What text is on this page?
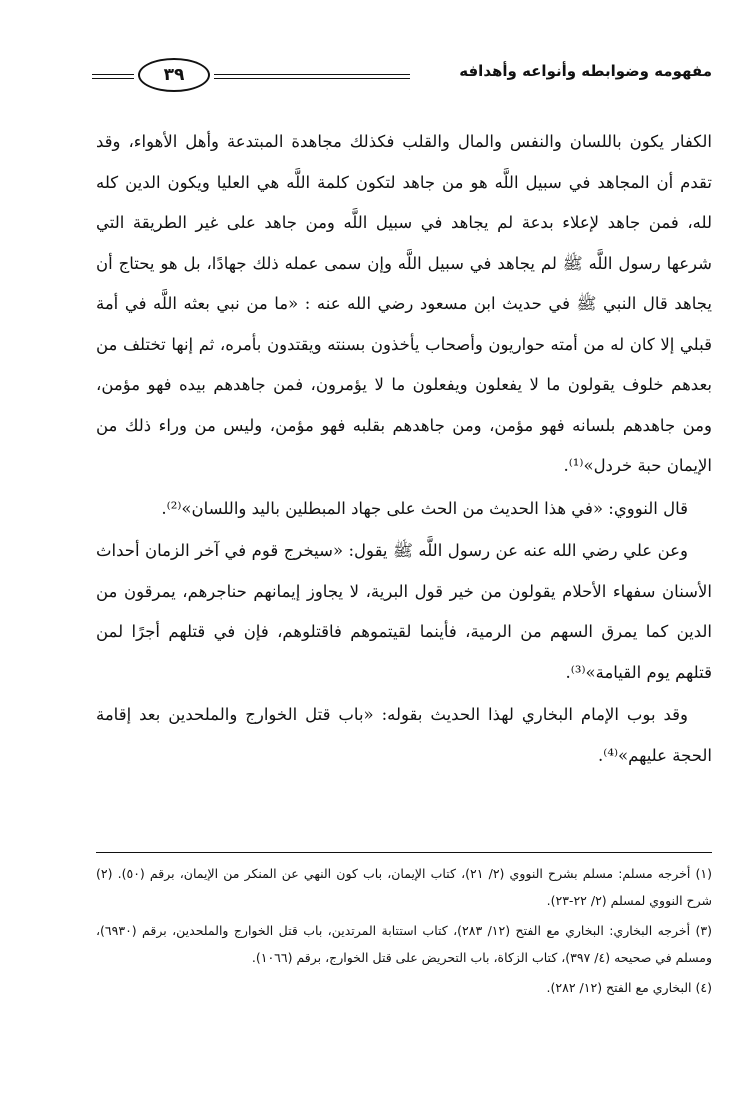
٣٩	مفهومه وضوابطه وأنواعه وأهدافه

الكفار يكون باللسان والنفس والمال والقلب فكذلك مجاهدة المبتدعة وأهل الأهواء، وقد تقدم أن المجاهد في سبيل اللَّه هو من جاهد لتكون كلمة اللَّه هي العليا ويكون الدين كله لله، فمن جاهد لإعلاء بدعة لم يجاهد في سبيل اللَّه ومن جاهد على غير الطريقة التي شرعها رسول اللَّه ﷺ لم يجاهد في سبيل اللَّه وإن سمى عمله ذلك جهادًا، بل هو يحتاج أن يجاهد قال النبي ﷺ في حديث ابن مسعود رضي الله عنه : «ما من نبي بعثه اللَّه في أمة قبلي إلا كان له من أمته حواريون وأصحاب يأخذون بسنته ويقتدون بأمره، ثم إنها تختلف من بعدهم خلوف يقولون ما لا يفعلون ويفعلون ما لا يؤمرون، فمن جاهدهم بيده فهو مؤمن، ومن جاهدهم بلسانه فهو مؤمن، ومن جاهدهم بقلبه فهو مؤمن، وليس من وراء ذلك من الإيمان حبة خردل»⁽¹⁾.

قال النووي: «في هذا الحديث من الحث على جهاد المبطلين باليد واللسان»⁽²⁾.

وعن علي رضي الله عنه عن رسول اللَّه ﷺ يقول: «سيخرج قوم في آخر الزمان أحداث الأسنان سفهاء الأحلام يقولون من خير قول البرية، لا يجاوز إيمانهم حناجرهم، يمرقون من الدين كما يمرق السهم من الرمية، فأينما لقيتموهم فاقتلوهم، فإن في قتلهم أجرًا لمن قتلهم يوم القيامة»⁽³⁾.

وقد بوب الإمام البخاري لهذا الحديث بقوله: «باب قتل الخوارج والملحدين بعد إقامة الحجة عليهم»⁽⁴⁾.

(١) أخرجه مسلم: مسلم بشرح النووي (٢/ ٢١)، كتاب الإيمان، باب كون النهي عن المنكر من الإيمان، برقم (٥٠). (٢) شرح النووي لمسلم (٢/ ٢٢-٢٣).

(٣) أخرجه البخاري: البخاري مع الفتح (١٢/ ٢٨٣)، كتاب استتابة المرتدين، باب قتل الخوارج والملحدين، برقم (٦٩٣٠)، ومسلم في صحيحه (٤/ ٣٩٧)، كتاب الزكاة، باب التحريض على قتل الخوارج، برقم (١٠٦٦).

(٤) البخاري مع الفتح (١٢/ ٢٨٢).
